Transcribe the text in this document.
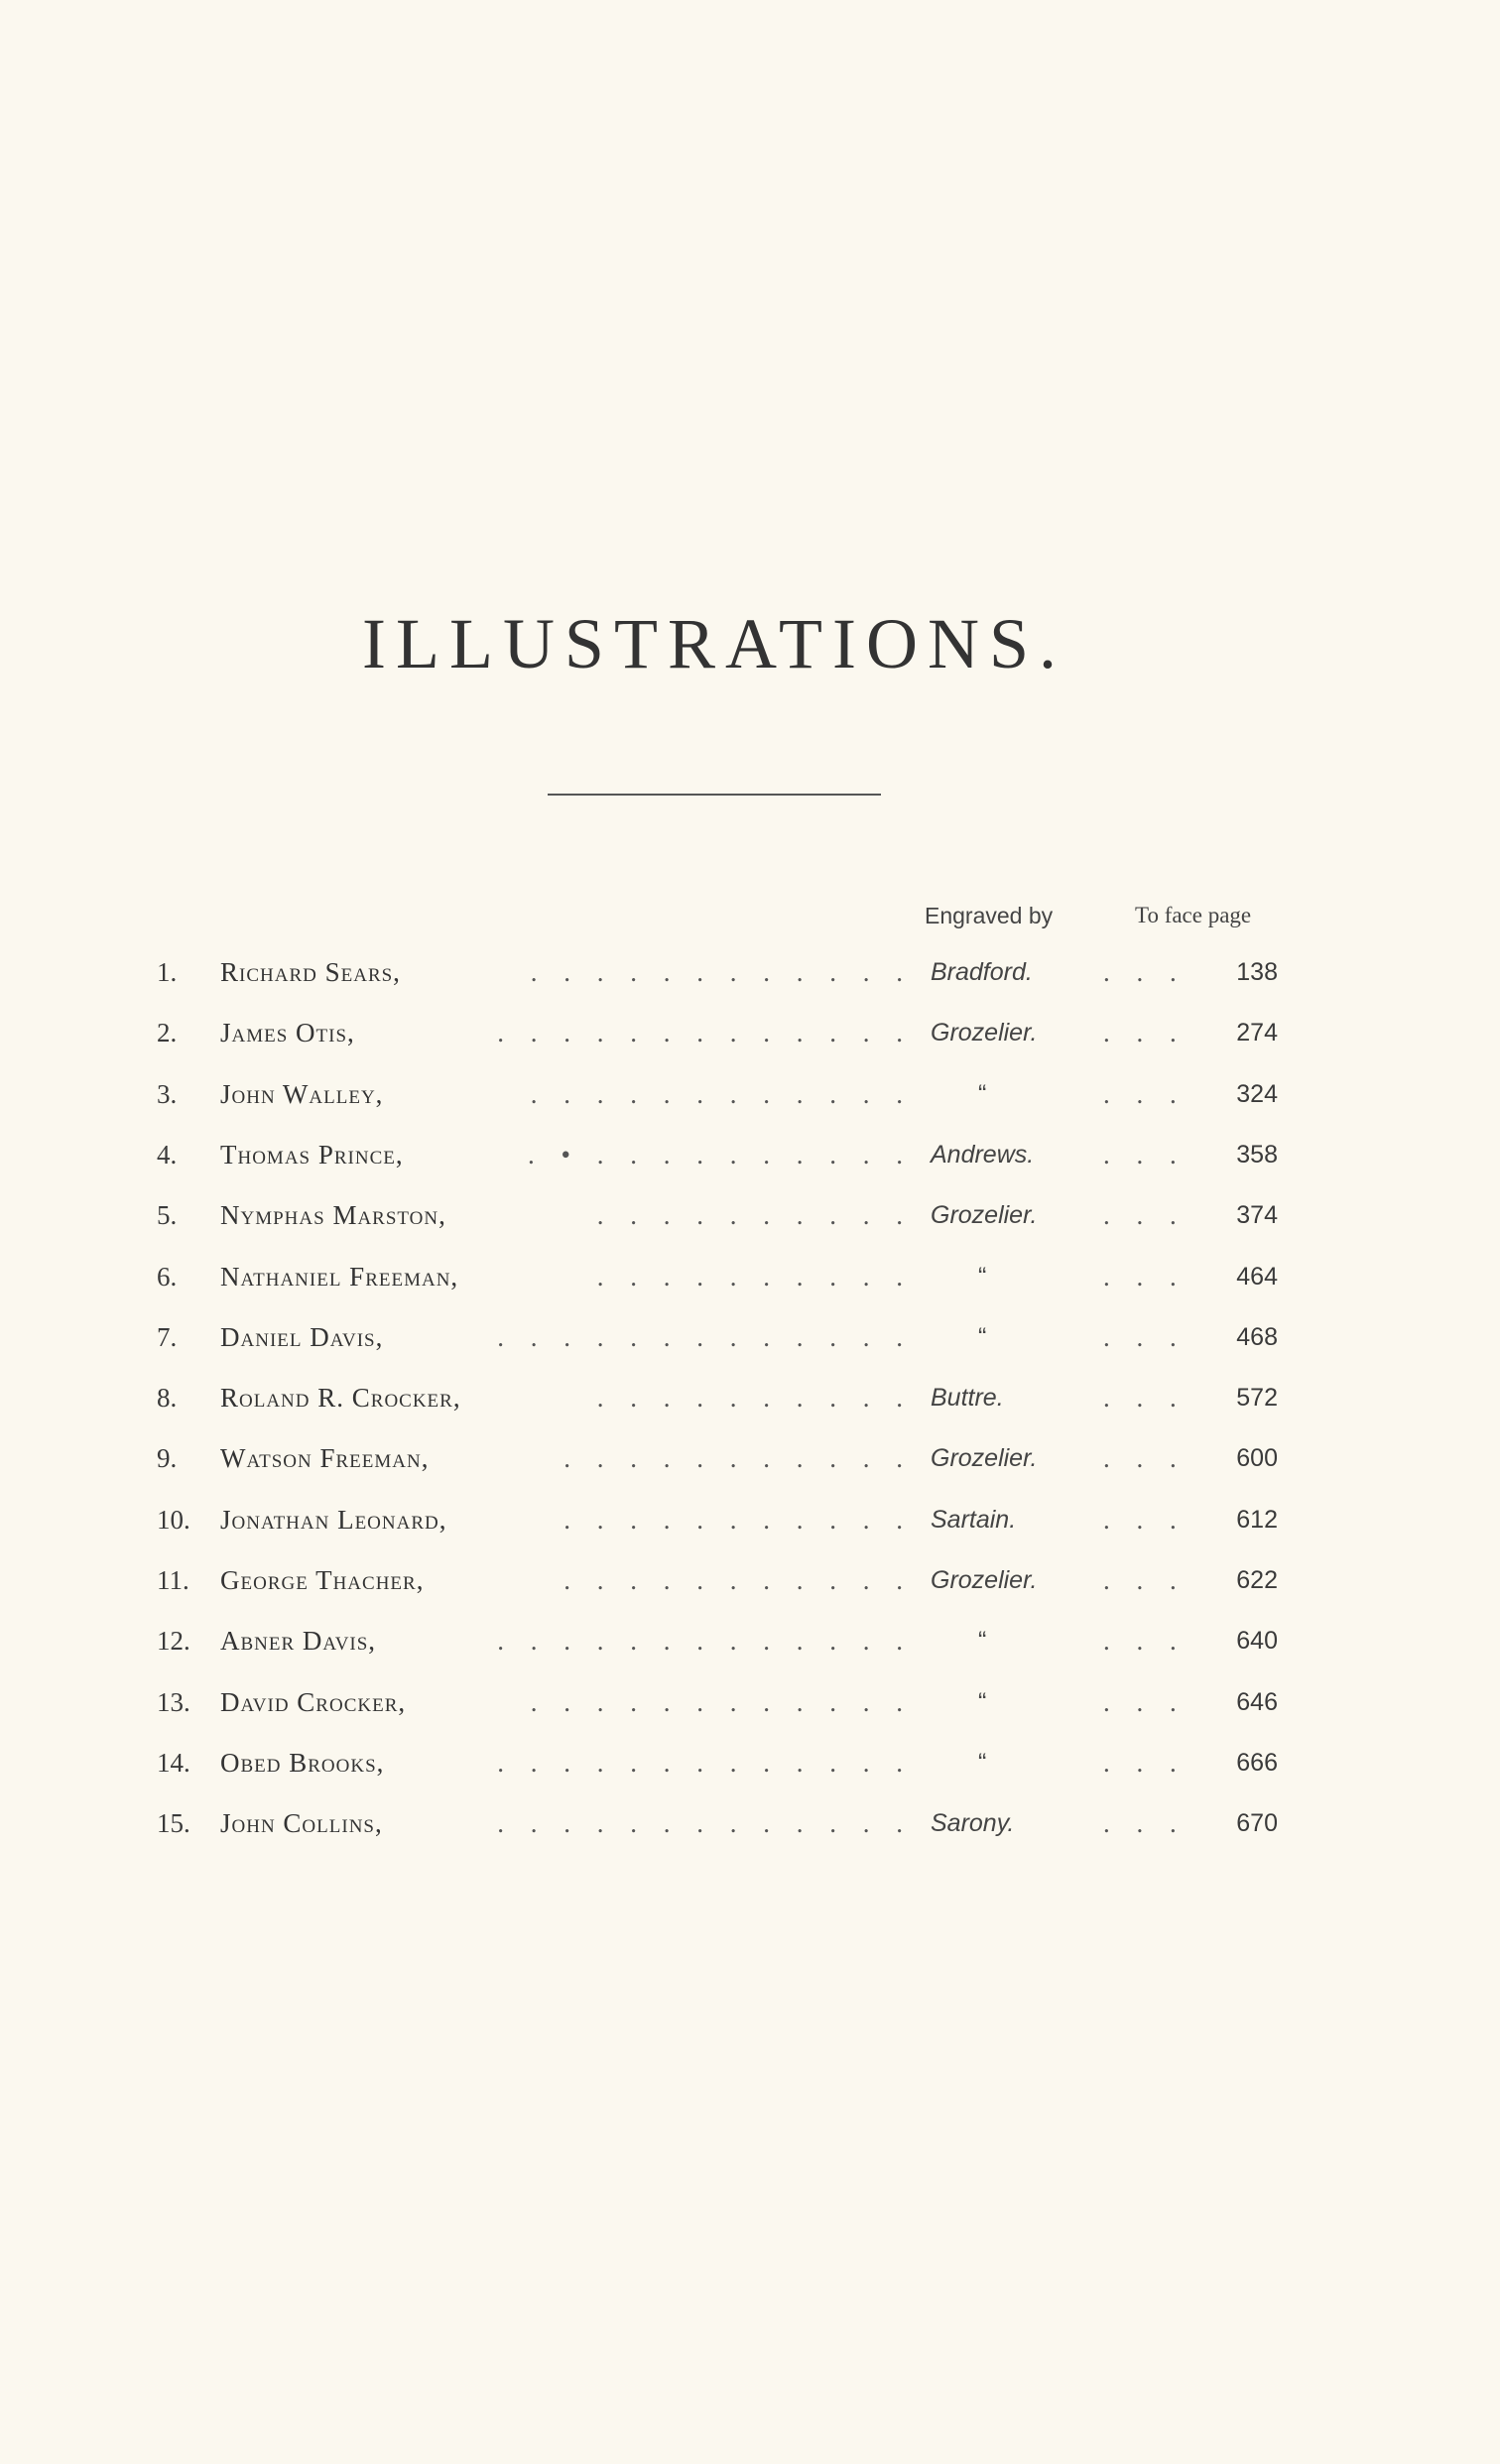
ILLUSTRATIONS.
Engraved by	To face page
1.	Richard Sears,	. . . . . . . . . . . . Bradford.	. . .	138
2.	James Otis,	. . . . . . . . . . . . . Grozelier. . . .	274
3.	John Walley,	. . . . . . . . . . . .	“	. . .	324
4.	Thomas Prince,	. • . . . . . . . . . . Andrews.	. . .	358
5.	Nymphas Marston,	. . . . . . . . . . Grozelier. . . .	374
6.	Nathaniel Freeman,	. . . . . . . . . .	“	. . .	464
7.	Daniel Davis,	. . . . . . . . . . . . .	“	. . .	468
8.	Roland R. Crocker,	. . . . . . . . . . Buttre.	. . .	572
9.	Watson Freeman,	. . . . . . . . . . . Grozelier. . . .	600
10.	Jonathan Leonard,	. . . . . . . . . . . Sartain.	. . .	612
11.	George Thacher,	. . . . . . . . . . . Grozelier. . . .	622
12.	Abner Davis,	. . . . . . . . . . . . .	“	. . .	640
13.	David Crocker,	. . . . . . . . . . . .	“	. . .	646
14.	Obed Brooks,	. . . . . . . . . . . . .	“	. . .	666
15.	John Collins,	. . . . . . . . . . . . . Sarony.	. . .	670
